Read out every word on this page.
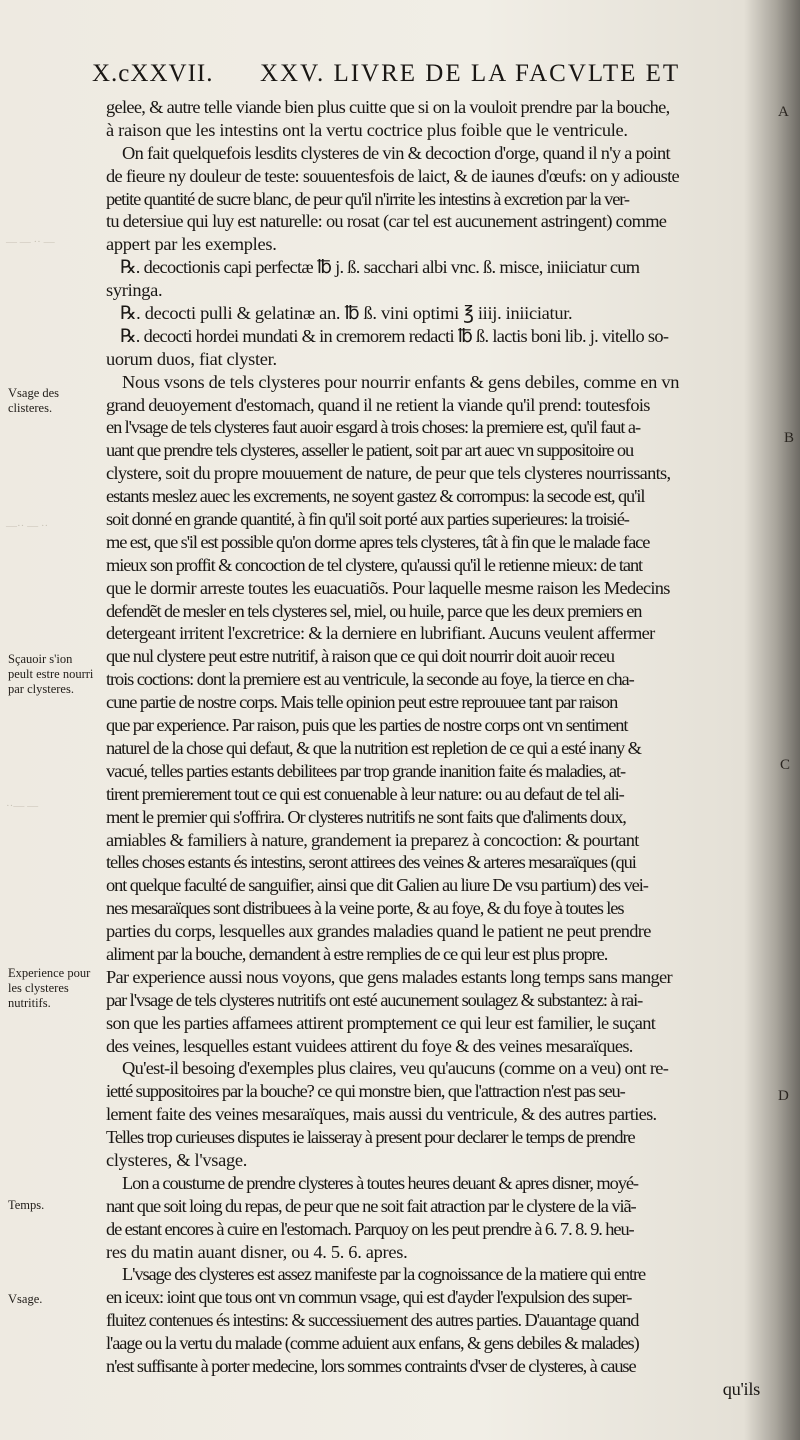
X.cXXVII. XXV. LIVRE DE LA FACVLTE ET
— — ·· —
—·· — ··
··— —
gelee, & autre telle viande bien plus cuitte que si on la vouloit prendre par la bouche,
à raison que les intestins ont la vertu coctrice plus foible que le ventricule.
On fait quelquefois lesdits clysteres de vin & decoction d'orge, quand il n'y a point
de fieure ny douleur de teste: souuentesfois de laict, & de iaunes d'œufs: on y adiouste
petite quantité de sucre blanc, de peur qu'il n'irrite les intestins à excretion par la ver-
tu detersiue qui luy est naturelle: ou rosat (car tel est aucunement astringent) comme
appert par les exemples.
℞. decoctionis capi perfectæ ℔ j. ß. sacchari albi vnc. ß. misce, iniiciatur cum
syringa.
℞. decocti pulli & gelatinæ an. ℔ ß. vini optimi ℥ iiij. iniiciatur.
℞. decocti hordei mundati & in cremorem redacti ℔ ß. lactis boni lib. j. vitello so-
uorum duos, fiat clyster.
Nous vsons de tels clysteres pour nourrir enfants & gens debiles, comme en vn
grand deuoyement d'estomach, quand il ne retient la viande qu'il prend: toutesfois
en l'vsage de tels clysteres faut auoir esgard à trois choses: la premiere est, qu'il faut a-
uant que prendre tels clysteres, asseller le patient, soit par art auec vn suppositoire ou
clystere, soit du propre mouuement de nature, de peur que tels clysteres nourrissants,
estants meslez auec les excrements, ne soyent gastez & corrompus: la secode est, qu'il
soit donné en grande quantité, à fin qu'il soit porté aux parties superieures: la troisié-
me est, que s'il est possible qu'on dorme apres tels clysteres, tât à fin que le malade face
mieux son proffit & concoction de tel clystere, qu'aussi qu'il le retienne mieux: de tant
que le dormir arreste toutes les euacuatiõs. Pour laquelle mesme raison les Medecins
defendẽt de mesler en tels clysteres sel, miel, ou huile, parce que les deux premiers en
detergeant irritent l'excretrice: & la derniere en lubrifiant. Aucuns veulent affermer
que nul clystere peut estre nutritif, à raison que ce qui doit nourrir doit auoir receu
trois coctions: dont la premiere est au ventricule, la seconde au foye, la tierce en cha-
cune partie de nostre corps. Mais telle opinion peut estre reprouuee tant par raison
que par experience. Par raison, puis que les parties de nostre corps ont vn sentiment
naturel de la chose qui defaut, & que la nutrition est repletion de ce qui a esté inany &
vacué, telles parties estants debilitees par trop grande inanition faite és maladies, at-
tirent premierement tout ce qui est conuenable à leur nature: ou au defaut de tel ali-
ment le premier qui s'offrira. Or clysteres nutritifs ne sont faits que d'aliments doux,
amiables & familiers à nature, grandement ia preparez à concoction: & pourtant
telles choses estants és intestins, seront attirees des veines & arteres mesaraïques (qui
ont quelque faculté de sanguifier, ainsi que dit Galien au liure De vsu partium) des vei-
nes mesaraïques sont distribuees à la veine porte, & au foye, & du foye à toutes les
parties du corps, lesquelles aux grandes maladies quand le patient ne peut prendre
aliment par la bouche, demandent à estre remplies de ce qui leur est plus propre.
Par experience aussi nous voyons, que gens malades estants long temps sans manger
par l'vsage de tels clysteres nutritifs ont esté aucunement soulagez & substantez: à rai-
son que les parties affamees attirent promptement ce qui leur est familier, le suçant
des veines, lesquelles estant vuidees attirent du foye & des veines mesaraïques.
Qu'est-il besoing d'exemples plus claires, veu qu'aucuns (comme on a veu) ont re-
ietté suppositoires par la bouche? ce qui monstre bien, que l'attraction n'est pas seu-
lement faite des veines mesaraïques, mais aussi du ventricule, & des autres parties.
Telles trop curieuses disputes ie laisseray à present pour declarer le temps de prendre
clysteres, & l'vsage.
Lon a coustume de prendre clysteres à toutes heures deuant & apres disner, moyé-
nant que soit loing du repas, de peur que ne soit fait atraction par le clystere de la viã-
de estant encores à cuire en l'estomach. Parquoy on les peut prendre à 6. 7. 8. 9. heu-
res du matin auant disner, ou 4. 5. 6. apres.
L'vsage des clysteres est assez manifeste par la cognoissance de la matiere qui entre
en iceux: ioint que tous ont vn commun vsage, qui est d'ayder l'expulsion des super-
fluitez contenues és intestins: & successiuement des autres parties. D'auantage quand
l'aage ou la vertu du malade (comme aduient aux enfans, & gens debiles & malades)
n'est suffisante à porter medecine, lors sommes contraints d'vser de clysteres, à cause
qu'ils
Vsage des clisteres.
Sçauoir s'ion peult estre nourri par clysteres.
Experience pour les clysteres nutritifs.
Temps.
Vsage.
A
B
C
D
